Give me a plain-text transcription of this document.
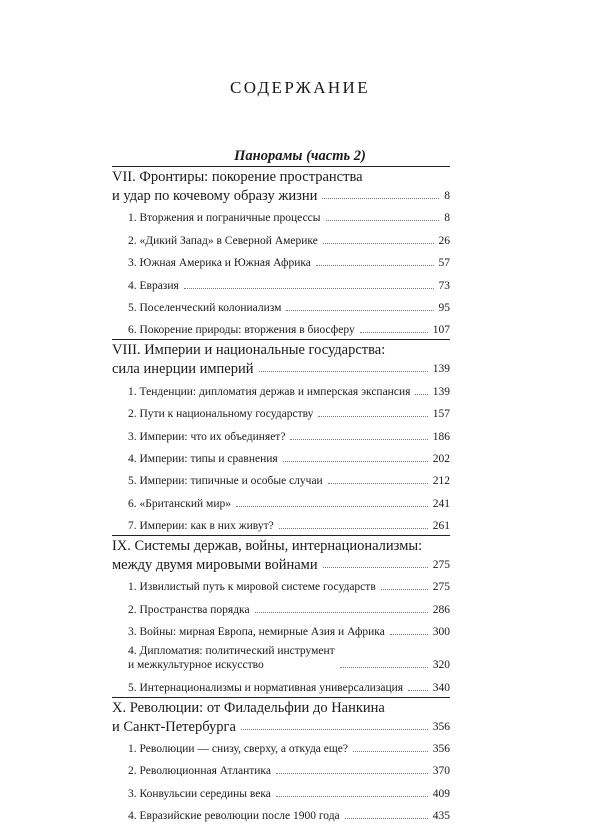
СОДЕРЖАНИЕ
Панорамы (часть 2)
VII. Фронтиры: покорение пространства
и удар по кочевому образу жизни	8
1. Вторжения и пограничные процессы	8
2. «Дикий Запад» в Северной Америке	26
3. Южная Америка и Южная Африка	57
4. Евразия	73
5. Поселенческий колониализм	95
6. Покорение природы: вторжения в биосферу	107
VIII. Империи и национальные государства:
сила инерции империй	139
1. Тенденции: дипломатия держав и имперская экспансия 139
2. Пути к национальному государству	157
3. Империи: что их объединяет?	186
4. Империи: типы и сравнения	202
5. Империи: типичные и особые случаи	212
6. «Британский мир»	241
7. Империи: как в них живут?	261
IX. Системы держав, войны, интернационализмы:
между двумя мировыми войнами	275
1. Извилистый путь к мировой системе государств	275
2. Пространства порядка	286
3. Войны: мирная Европа, немирные Азия и Африка	300
4. Дипломатия: политический инструмент
и межкультурное искусство	320
5. Интернационализмы и нормативная универсализация	340
X. Революции: от Филадельфии до Нанкина
и Санкт-Петербурга	356
1. Революции — снизу, сверху, а откуда еще?	356
2. Революционная Атлантика	370
3. Конвульсии середины века	409
4. Евразийские революции после 1900 года	435
